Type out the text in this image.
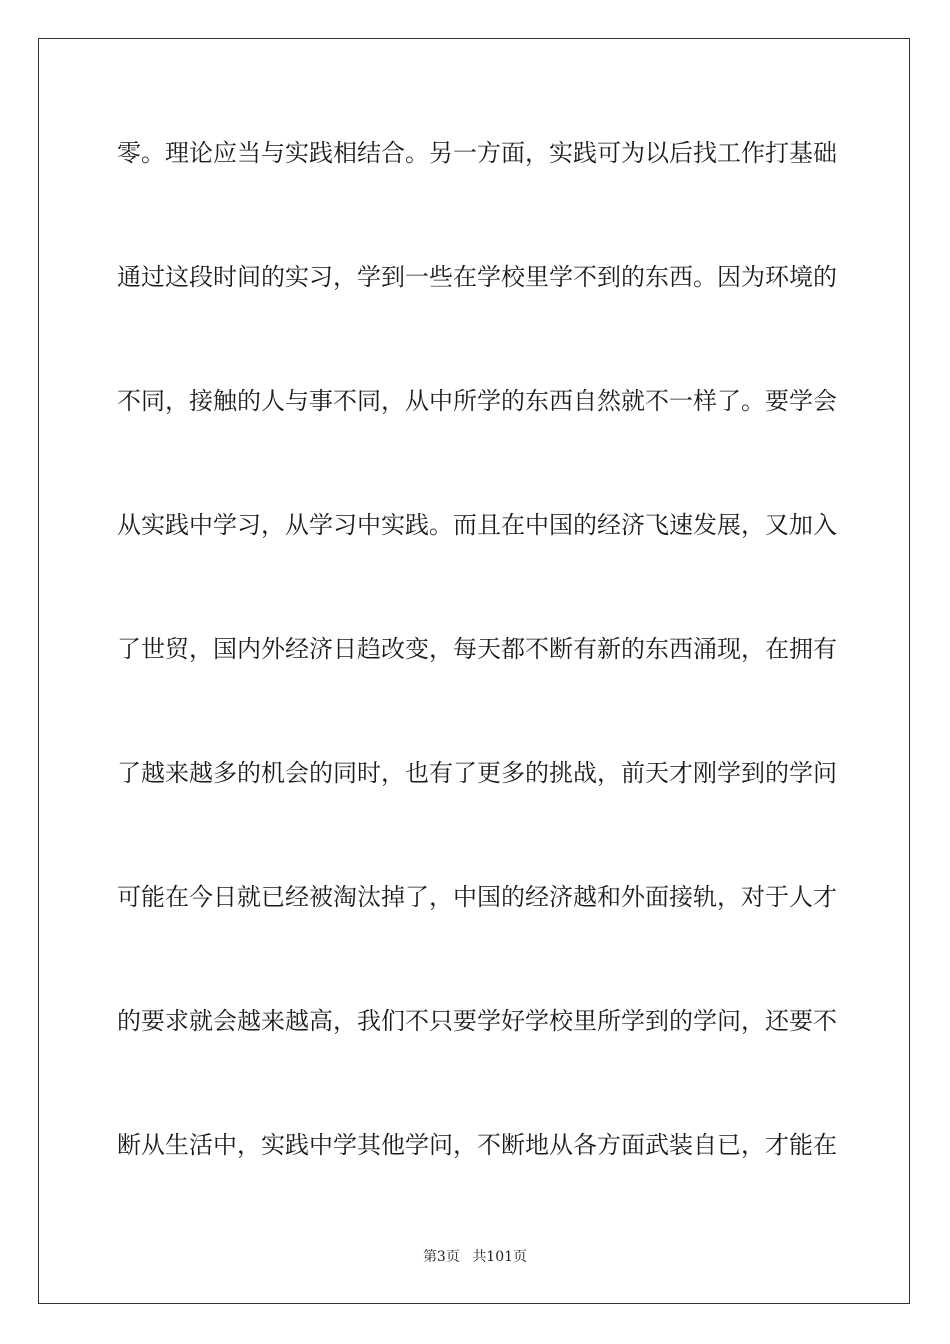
零。理论应当与实践相结合。另一方面，实践可为以后找工作打基础
通过这段时间的实习，学到一些在学校里学不到的东西。因为环境的
不同，接触的人与事不同，从中所学的东西自然就不一样了。要学会
从实践中学习，从学习中实践。而且在中国的经济飞速发展，又加入
了世贸，国内外经济日趋改变，每天都不断有新的东西涌现，在拥有
了越来越多的机会的同时，也有了更多的挑战，前天才刚学到的学问
可能在今日就已经被淘汰掉了，中国的经济越和外面接轨，对于人才
的要求就会越来越高，我们不只要学好学校里所学到的学问，还要不
断从生活中，实践中学其他学问，不断地从各方面武装自已，才能在
第3页 共101页
